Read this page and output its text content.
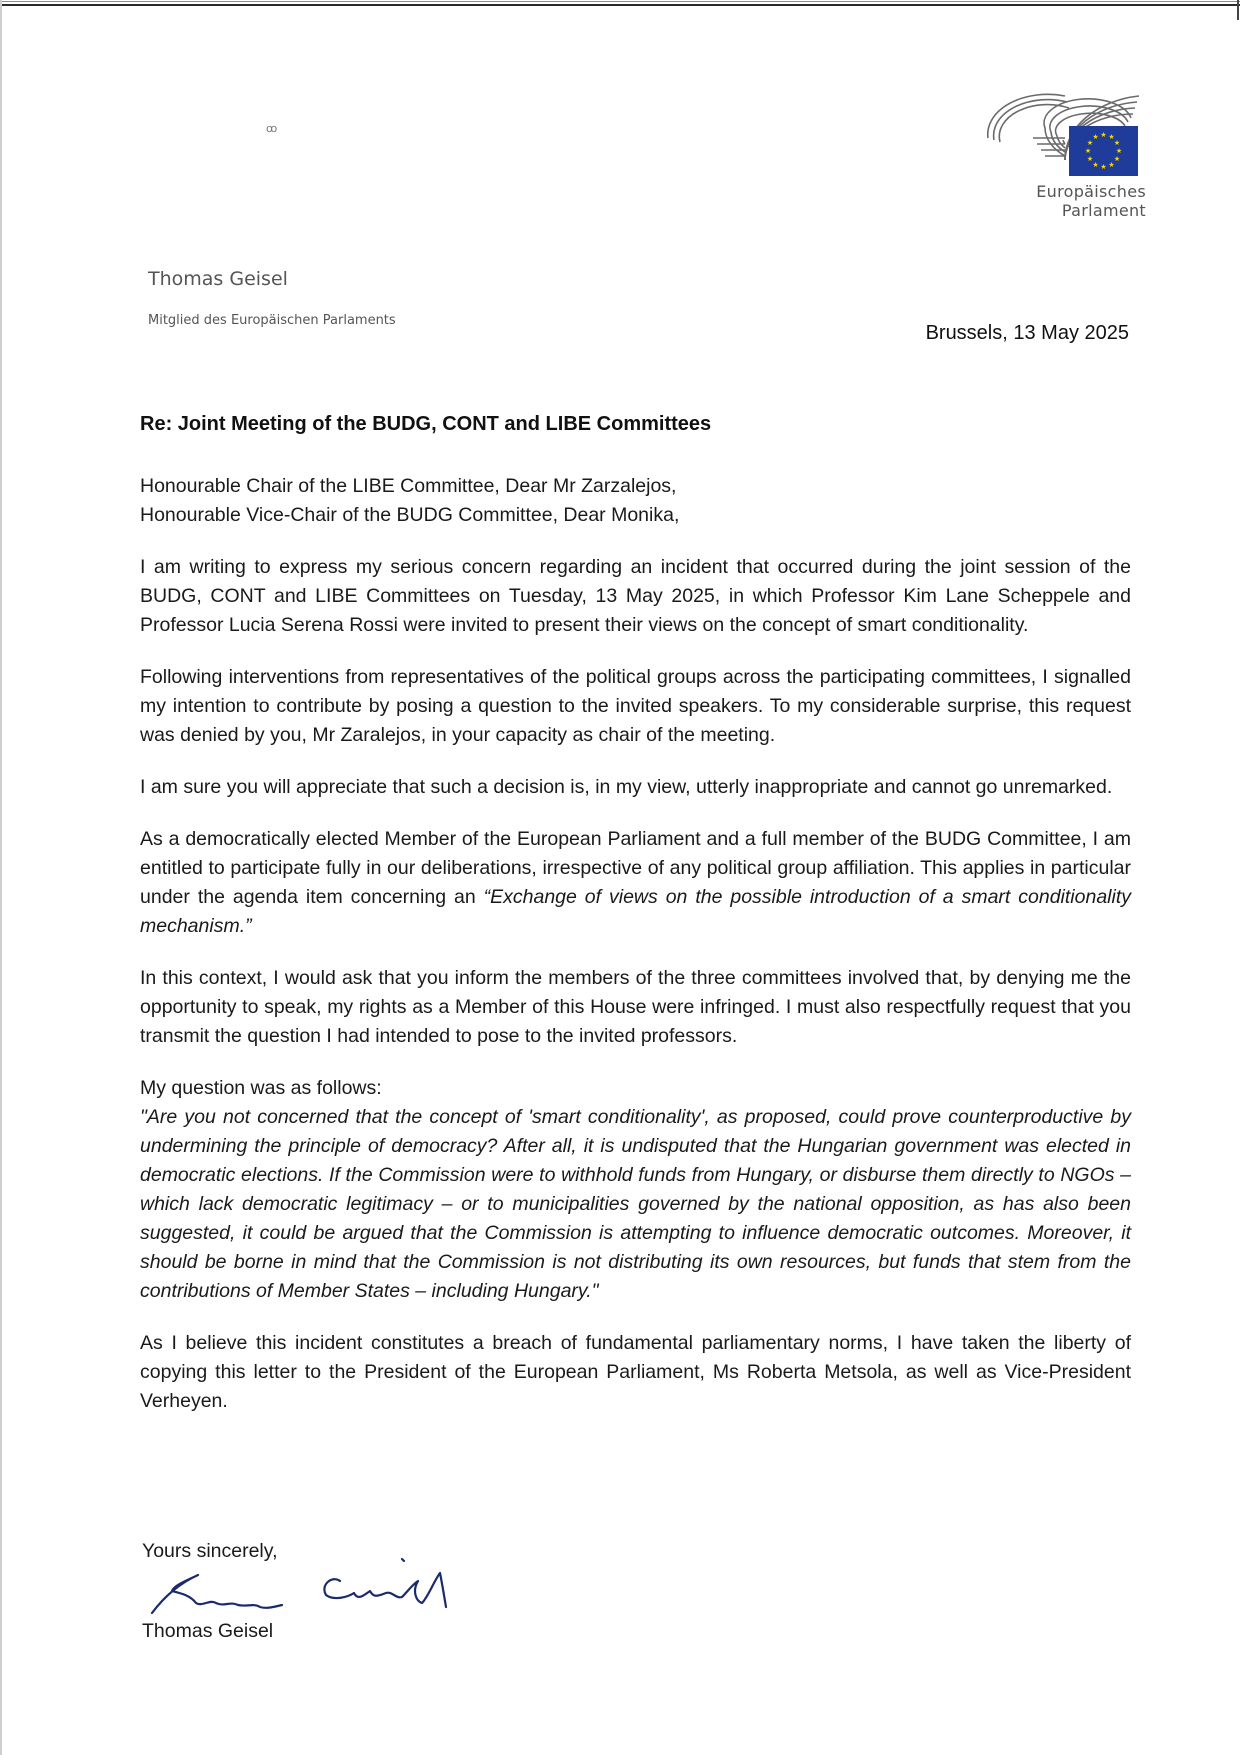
ꝏ	★ ★
★
★
★
★
★
★
★
★
★
★
Europäisches Parlament
Thomas Geisel
Mitglied des Europäischen Parlaments
Brussels, 13 May 2025
Re: Joint Meeting of the BUDG, CONT and LIBE Committees

Honourable Chair of the LIBE Committee, Dear Mr Zarzalejos,
Honourable Vice-Chair of the BUDG Committee, Dear Monika,

I am writing to express my serious concern regarding an incident that occurred during the joint session of the BUDG, CONT and LIBE Committees on Tuesday, 13 May 2025, in which Professor Kim Lane Scheppele and Professor Lucia Serena Rossi were invited to present their views on the concept of smart conditionality.

Following interventions from representatives of the political groups across the participating committees, I signalled my intention to contribute by posing a question to the invited speakers. To my considerable surprise, this request was denied by you, Mr Zaralejos, in your capacity as chair of the meeting.

I am sure you will appreciate that such a decision is, in my view, utterly inappropriate and cannot go unremarked.

As a democratically elected Member of the European Parliament and a full member of the BUDG Committee, I am entitled to participate fully in our deliberations, irrespective of any political group affiliation. This applies in particular under the agenda item concerning an “Exchange of views on the possible introduction of a smart conditionality mechanism.”

In this context, I would ask that you inform the members of the three committees involved that, by denying me the opportunity to speak, my rights as a Member of this House were infringed. I must also respectfully request that you transmit the question I had intended to pose to the invited professors.

My question was as follows:

"Are you not concerned that the concept of 'smart conditionality', as proposed, could prove counterproductive by undermining the principle of democracy? After all, it is undisputed that the Hungarian government was elected in democratic elections. If the Commission were to withhold funds from Hungary, or disburse them directly to NGOs – which lack democratic legitimacy – or to municipalities governed by the national opposition, as has also been suggested, it could be argued that the Commission is attempting to influence democratic outcomes. Moreover, it should be borne in mind that the Commission is not distributing its own resources, but funds that stem from the contributions of Member States – including Hungary."

As I believe this incident constitutes a breach of fundamental parliamentary norms, I have taken the liberty of copying this letter to the President of the European Parliament, Ms Roberta Metsola, as well as Vice-President Verheyen.

Yours sincerely,
Thomas Geisel
